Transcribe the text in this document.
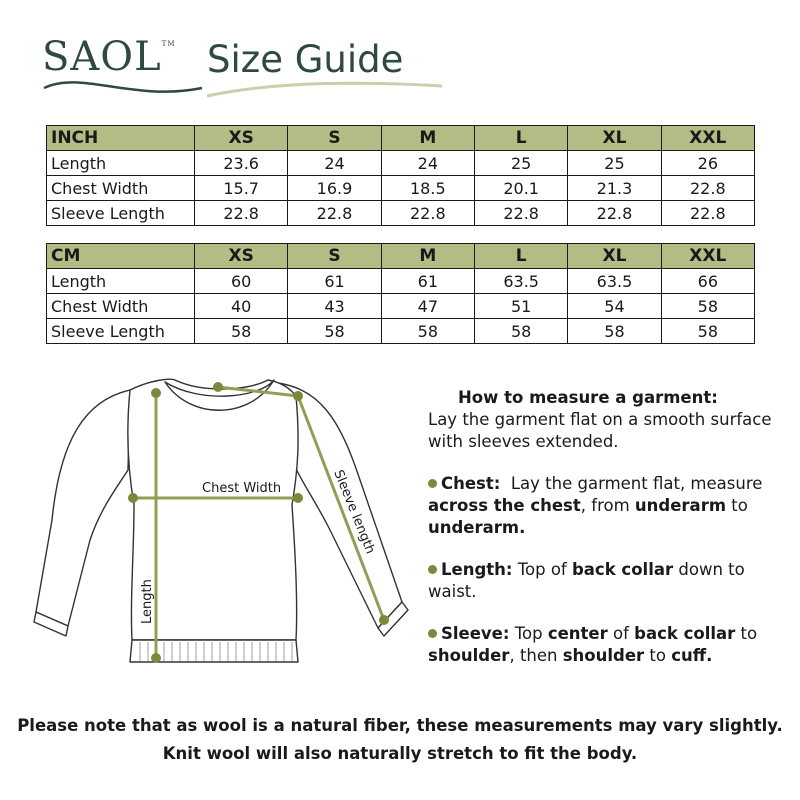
SAOL™ Size Guide
INCH	XS	S	M	L	XL	XXL
Length	23.6	24	24	25	25	26
Chest Width	15.7	16.9	18.5	20.1	21.3	22.8
Sleeve Length	22.8	22.8	22.8	22.8	22.8	22.8
CM	XS	S	M	L	XL	XXL
Length	60	61	61	63.5	63.5	66
Chest Width	40	43	47	51	54	58
Sleeve Length	58	58	58	58	58	58
Chest Width	Sleeve length
Length
How to measure a garment:
Lay the garment flat on a smooth surface with sleeves extended.
Chest: Lay the garment flat, measure across the chest, from underarm to underarm.
Length: Top of back collar down to waist.
Sleeve: Top center of back collar to shoulder, then shoulder to cuff.
Please note that as wool is a natural fiber, these measurements may vary slightly.
Knit wool will also naturally stretch to fit the body.
